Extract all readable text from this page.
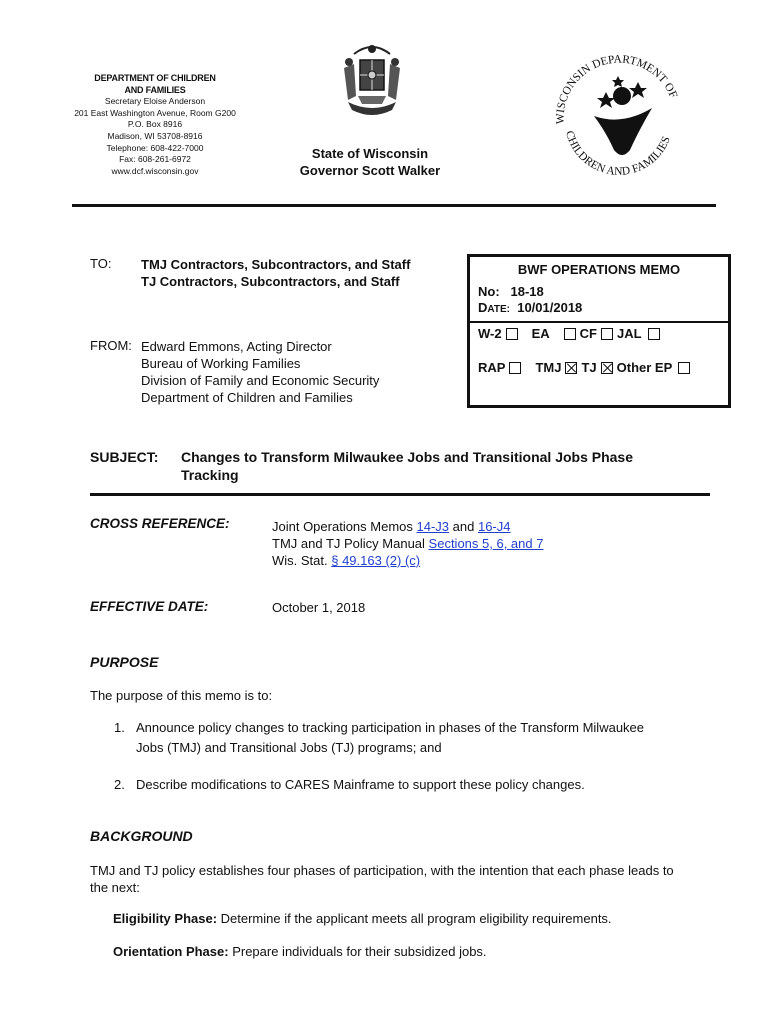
DEPARTMENT OF CHILDREN
AND FAMILIES
Secretary Eloise Anderson
201 East Washington Avenue, Room G200
P.O. Box 8916
Madison, WI 53708-8916
Telephone: 608-422-7000
Fax: 608-261-6972
www.dcf.wisconsin.gov
State of Wisconsin
Governor Scott Walker
WISCONSIN DEPARTMENT OF
CHILDREN AND FAMILIES
TO: TMJ Contractors, Subcontractors, and Staff
TJ Contractors, Subcontractors, and Staff
FROM: Edward Emmons, Acting Director
Bureau of Working Families
Division of Family and Economic Security
Department of Children and Families
BWF OPERATIONS MEMO
No: 18-18
DATE: 10/01/2018
W-2 EA CF JAL
RAP TMJ TJ Other EP
SUBJECT: Changes to Transform Milwaukee Jobs and Transitional Jobs Phase Tracking
CROSS REFERENCE:	Joint Operations Memos 14-J3 and 16-J4
TMJ and TJ Policy Manual Sections 5, 6, and 7
Wis. Stat. § 49.163 (2) (c)
EFFECTIVE DATE:	October 1, 2018
PURPOSE
The purpose of this memo is to:
1. Announce policy changes to tracking participation in phases of the Transform Milwaukee
Jobs (TMJ) and Transitional Jobs (TJ) programs; and
2. Describe modifications to CARES Mainframe to support these policy changes.
BACKGROUND
TMJ and TJ policy establishes four phases of participation, with the intention that each phase leads to the next:
Eligibility Phase: Determine if the applicant meets all program eligibility requirements.
Orientation Phase: Prepare individuals for their subsidized jobs.
